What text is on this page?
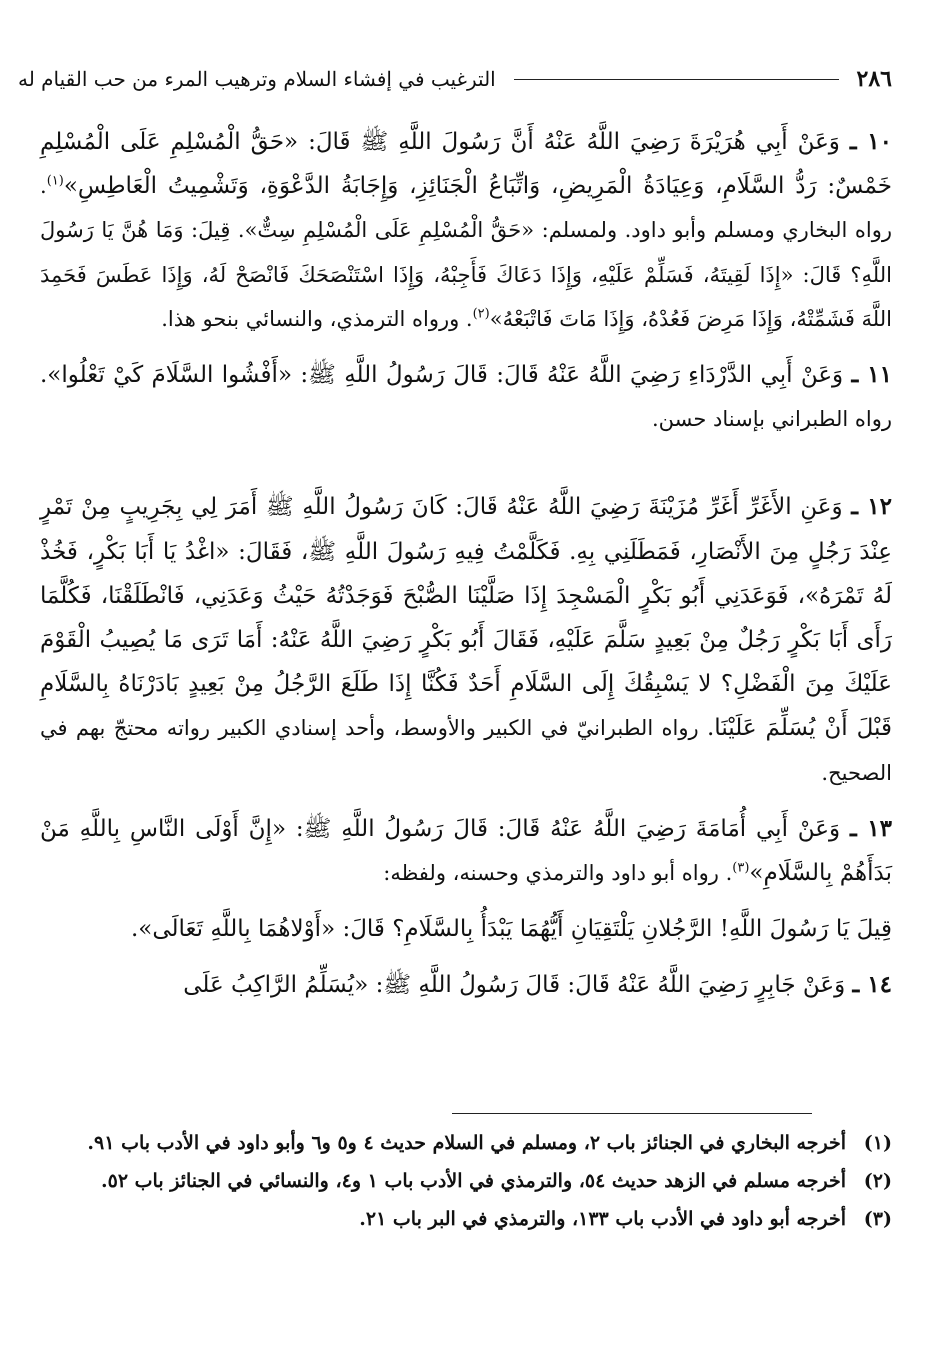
٢٨٦
الترغيب في إفشاء السلام وترهيب المرء من حب القيام له

١٠ ـ وَعَنْ أَبِي هُرَيْرَةَ رَضِيَ اللَّهُ عَنْهُ أَنَّ رَسُولَ اللَّهِ ﷺ قَالَ: «حَقُّ الْمُسْلِمِ عَلَى الْمُسْلِمِ خَمْسٌ: رَدُّ السَّلَامِ، وَعِيَادَةُ الْمَرِيضِ، وَاتِّبَاعُ الْجَنَائِزِ، وَإِجَابَةُ الدَّعْوَةِ، وَتَشْمِيتُ الْعَاطِسِ»$^{(١)}$. رواه البخاري ومسلم وأبو داود. ولمسلم: «حَقُّ الْمُسْلِمِ عَلَى الْمُسْلِمِ سِتٌّ». قِيلَ: وَمَا هُنَّ يَا رَسُولَ اللَّهِ؟ قَالَ: «إِذَا لَقِيتَهُ، فَسَلِّمْ عَلَيْهِ، وَإِذَا دَعَاكَ فَأَجِبْهُ، وَإِذَا اسْتَنْصَحَكَ فَانْصَحْ لَهُ، وَإِذَا عَطَسَ فَحَمِدَ اللَّهَ فَشَمِّتْهُ، وَإِذَا مَرِضَ فَعُدْهُ، وَإِذَا مَاتَ فَاتْبَعْهُ»$^{(٢)}$. ورواه الترمذي، والنسائي بنحو هذا.

١١ ـ وَعَنْ أَبِي الدَّرْدَاءِ رَضِيَ اللَّهُ عَنْهُ قَالَ: قَالَ رَسُولُ اللَّهِ ﷺ: «أَفْشُوا السَّلَامَ كَيْ تَعْلُوا». رواه الطبراني بإسناد حسن.

١٢ ـ وَعَنِ الأَغَرِّ أَغَرِّ مُزَيْنَةَ رَضِيَ اللَّهُ عَنْهُ قَالَ: كَانَ رَسُولُ اللَّهِ ﷺ أَمَرَ لِي بِجَرِيبٍ مِنْ تَمْرٍ عِنْدَ رَجُلٍ مِنَ الأَنْصَارِ، فَمَطَلَنِي بِهِ. فَكَلَّمْتُ فِيهِ رَسُولَ اللَّهِ ﷺ، فَقَالَ: «اغْدُ يَا أَبَا بَكْرٍ، فَخُذْ لَهُ تَمْرَهُ»، فَوَعَدَنِي أَبُو بَكْرٍ الْمَسْجِدَ إِذَا صَلَّيْنَا الصُّبْحَ فَوَجَدْتُهُ حَيْثُ وَعَدَنِي، فَانْطَلَقْنَا، فَكُلَّمَا رَأَى أَبَا بَكْرٍ رَجُلٌ مِنْ بَعِيدٍ سَلَّمَ عَلَيْهِ، فَقَالَ أَبُو بَكْرٍ رَضِيَ اللَّهُ عَنْهُ: أَمَا تَرَى مَا يُصِيبُ الْقَوْمَ عَلَيْكَ مِنَ الْفَضْلِ؟ لا يَسْبِقُكَ إِلَى السَّلَامِ أَحَدٌ فَكُنَّا إِذَا طَلَعَ الرَّجُلُ مِنْ بَعِيدٍ بَادَرْنَاهُ بِالسَّلَامِ قَبْلَ أَنْ يُسَلِّمَ عَلَيْنَا. رواه الطبرانيّ في الكبير والأوسط، وأحد إسنادي الكبير رواته محتجّ بهم في الصحيح.

١٣ ـ وَعَنْ أَبِي أُمَامَةَ رَضِيَ اللَّهُ عَنْهُ قَالَ: قَالَ رَسُولُ اللَّهِ ﷺ: «إِنَّ أَوْلَى النَّاسِ بِاللَّهِ مَنْ بَدَأَهُمْ بِالسَّلَامِ»$^{(٣)}$. رواه أبو داود والترمذي وحسنه، ولفظه:

قِيلَ يَا رَسُولَ اللَّهِ! الرَّجُلانِ يَلْتَقِيَانِ أَيُّهُمَا يَبْدَأُ بِالسَّلَامِ؟ قَالَ: «أَوْلاهُمَا بِاللَّهِ تَعَالَى».

١٤ ـ وَعَنْ جَابِرٍ رَضِيَ اللَّهُ عَنْهُ قَالَ: قَالَ رَسُولُ اللَّهِ ﷺ: «يُسَلِّمُ الرَّاكِبُ عَلَى

(١)
أخرجه البخاري في الجنائز باب ٢، ومسلم في السلام حديث ٤ و٥ و٦ وأبو داود في الأدب باب ٩١.
(٢)
أخرجه مسلم في الزهد حديث ٥٤، والترمذي في الأدب باب ١ و٤، والنسائي في الجنائز باب ٥٢.
(٣)
أخرجه أبو داود في الأدب باب ١٣٣، والترمذي في البر باب ٢١.
